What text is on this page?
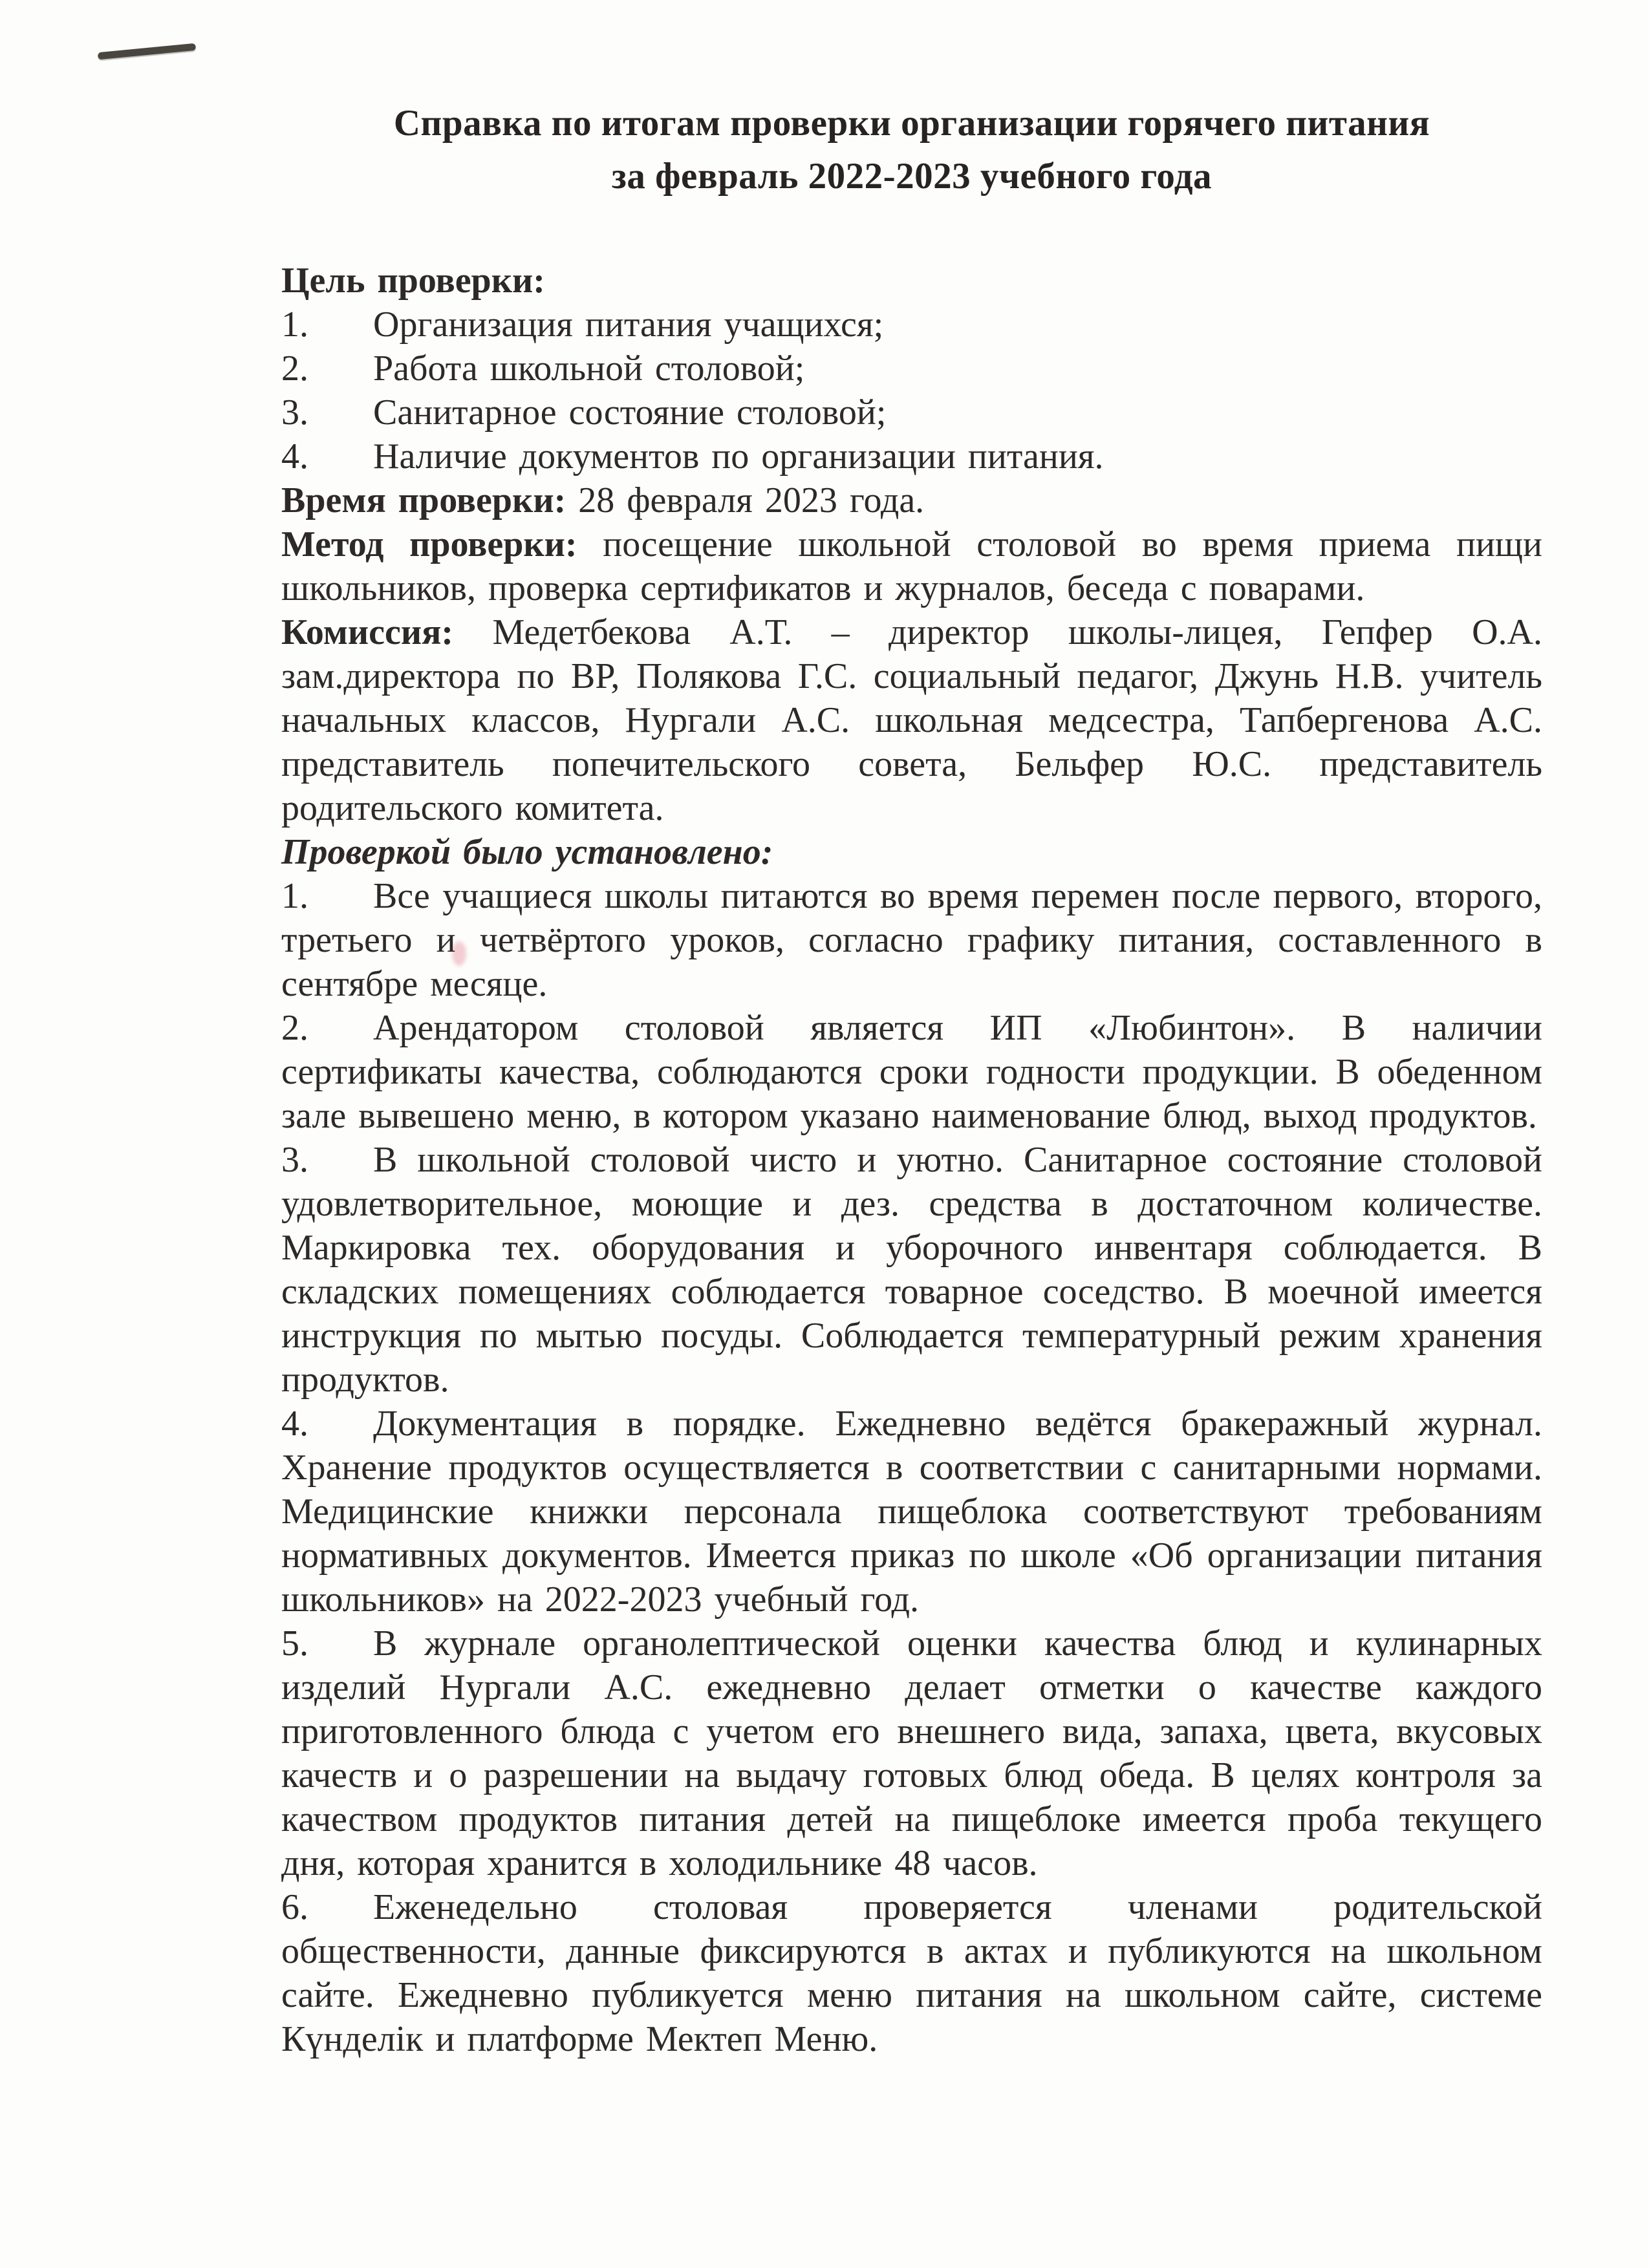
Справка по итогам проверки организации горячего питания
за февраль 2022-2023 учебного года

Цель проверки:

1. Организация питания учащихся;

2. Работа школьной столовой;

3. Санитарное состояние столовой;

4. Наличие документов по организации питания.

Время проверки: 28 февраля 2023 года.

Метод проверки: посещение школьной столовой во время приема пищи школьников, проверка сертификатов и журналов, беседа с поварами.

Комиссия: Медетбекова А.Т. – директор школы-лицея, Гепфер О.А. зам.директора по ВР, Полякова Г.С. социальный педагог, Джунь Н.В. учитель начальных классов, Нургали А.С. школьная медсестра, Тапбергенова А.С. представитель попечительского совета, Бельфер Ю.С. представитель родительского комитета.

Проверкой было установлено:

1. Все учащиеся школы питаются во время перемен после первого, второго, третьего и четвёртого уроков, согласно графику питания, составленного в сентябре месяце.

2. Арендатором столовой является ИП «Любинтон». В наличии сертификаты качества, соблюдаются сроки годности продукции. В обеденном зале вывешено меню, в котором указано наименование блюд, выход продуктов.

3. В школьной столовой чисто и уютно. Санитарное состояние столовой удовлетворительное, моющие и дез. средства в достаточном количестве. Маркировка тех. оборудования и уборочного инвентаря соблюдается. В складских помещениях соблюдается товарное соседство. В моечной имеется инструкция по мытью посуды. Соблюдается температурный режим хранения продуктов.

4. Документация в порядке. Ежедневно ведётся бракеражный журнал. Хранение продуктов осуществляется в соответствии с санитарными нормами. Медицинские книжки персонала пищеблока соответствуют требованиям нормативных документов. Имеется приказ по школе «Об организации питания школьников» на 2022-2023 учебный год.

5. В журнале органолептической оценки качества блюд и кулинарных изделий Нургали А.С. ежедневно делает отметки о качестве каждого приготовленного блюда с учетом его внешнего вида, запаха, цвета, вкусовых качеств и о разрешении на выдачу готовых блюд обеда. В целях контроля за качеством продуктов питания детей на пищеблоке имеется проба текущего дня, которая хранится в холодильнике 48 часов.

6. Еженедельно столовая проверяется членами родительской общественности, данные фиксируются в актах и публикуются на школьном сайте. Ежедневно публикуется меню питания на школьном сайте, системе Күнделік и платформе Мектеп Меню.
